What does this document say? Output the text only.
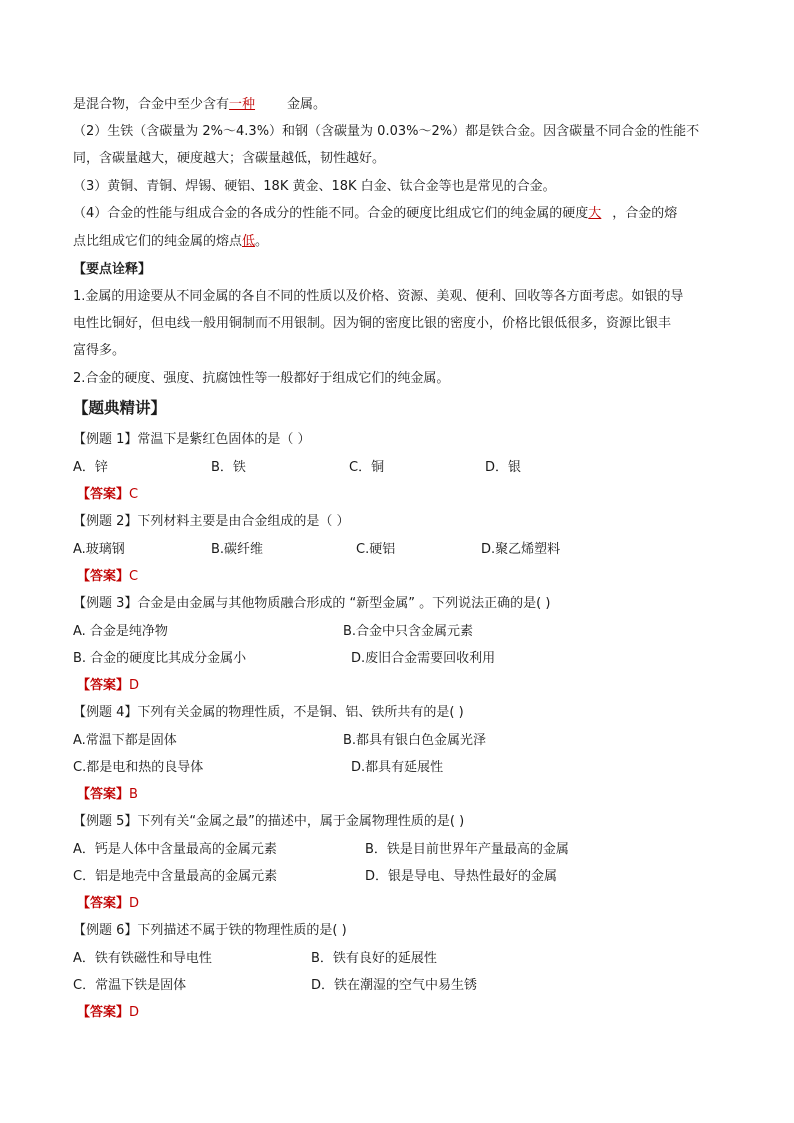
是混合物，合金中至少含有一种金属。
（2）生铁（含碳量为 2%～4.3%）和钢（含碳量为 0.03%～2%）都是铁合金。因含碳量不同合金的性能不
同，含碳量越大，硬度越大；含碳量越低，韧性越好。
（3）黄铜、青铜、焊锡、硬铝、18K 黄金、18K 白金、钛合金等也是常见的合金。
（4）合金的性能与组成合金的各成分的性能不同。合金的硬度比组成它们的纯金属的硬度大，合金的熔
点比组成它们的纯金属的熔点低。
【要点诠释】
1.金属的用途要从不同金属的各自不同的性质以及价格、资源、美观、便利、回收等各方面考虑。如银的导
电性比铜好，但电线一般用铜制而不用银制。因为铜的密度比银的密度小，价格比银低很多，资源比银丰
富得多。
2.合金的硬度、强度、抗腐蚀性等一般都好于组成它们的纯金属。
【题典精讲】
【例题 1】常温下是紫红色固体的是（ ）
A．锌	B．铁	C．铜	D．银
【答案】C
【例题 2】下列材料主要是由合金组成的是（ ）
A.玻璃钢	B.碳纤维	C.硬铝	D.聚乙烯塑料
【答案】C
【例题 3】合金是由金属与其他物质融合形成的 “新型金属” 。下列说法正确的是( )
A. 合金是纯净物	B.合金中只含金属元素
B. 合金的硬度比其成分金属小	D.废旧合金需要回收利用
【答案】D
【例题 4】下列有关金属的物理性质，不是铜、铝、铁所共有的是( )
A.常温下都是固体	B.都具有银白色金属光泽
C.都是电和热的良导体	D.都具有延展性
【答案】B
【例题 5】下列有关“金属之最”的描述中，属于金属物理性质的是( )
A．钙是人体中含量最高的金属元素	B．铁是目前世界年产量最高的金属
C．铝是地壳中含量最高的金属元素	D．银是导电、导热性最好的金属
【答案】D
【例题 6】下列描述不属于铁的物理性质的是( )
A．铁有铁磁性和导电性	B．铁有良好的延展性
C．常温下铁是固体	D．铁在潮湿的空气中易生锈
【答案】D
